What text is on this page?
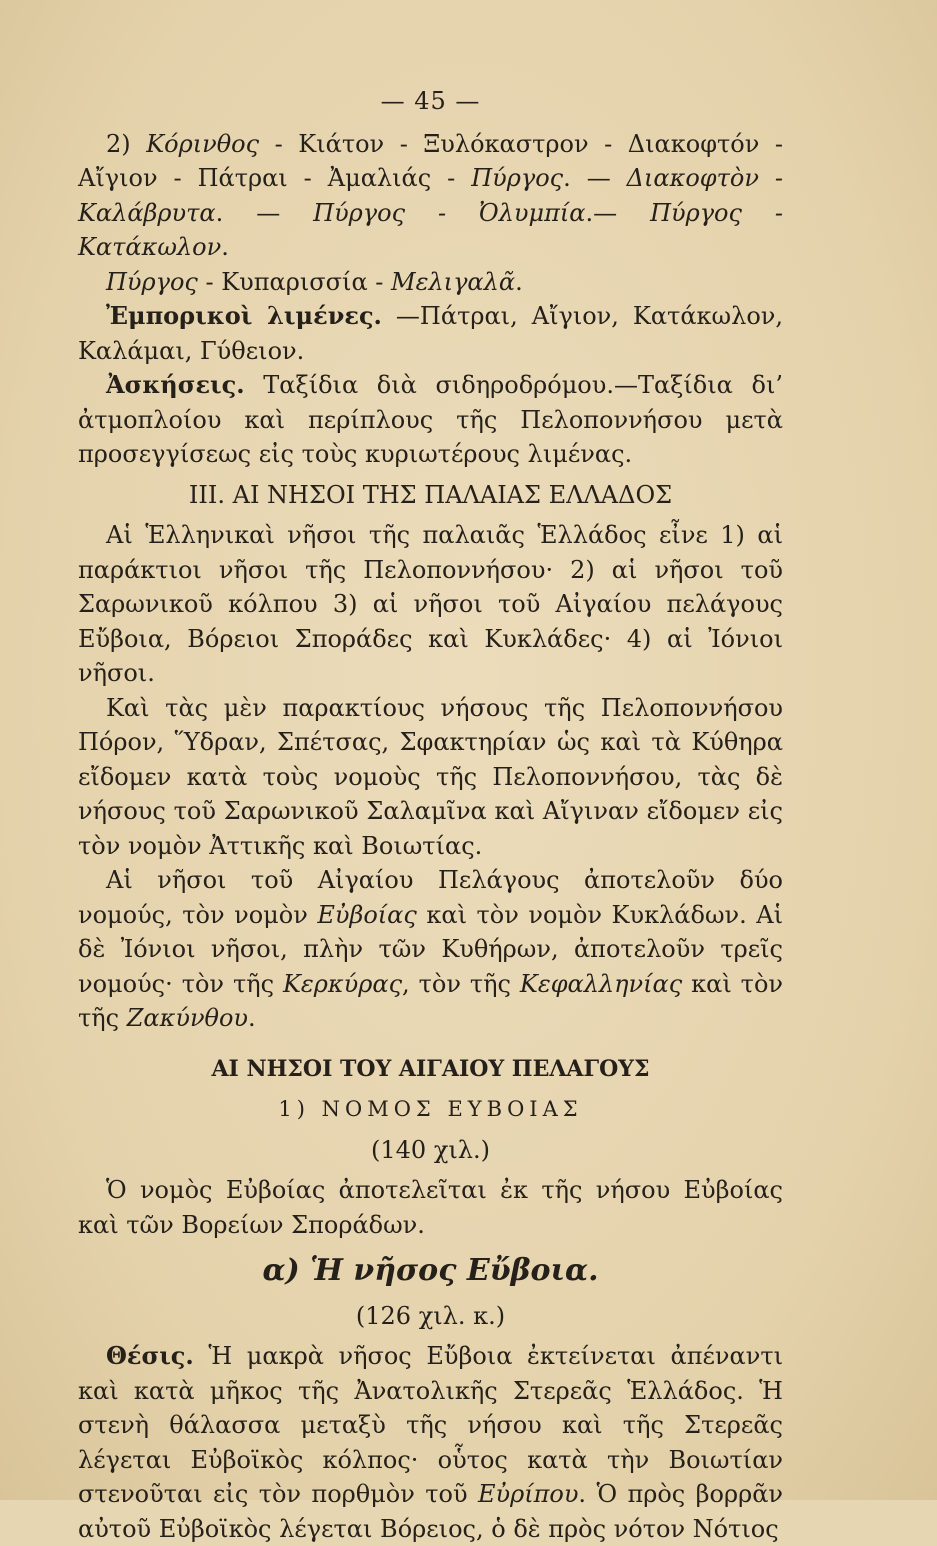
— 45 —

2) Κόρινθος - Κιάτον - Ξυλόκαστρον - Διακοφτόν - Αἴγιον - Πάτραι - Ἀμαλιάς - Πύργος. — Διακοφτὸν - Καλάβρυτα. — Πύργος - Ὀλυμπία.— Πύργος - Κατάκωλον.

Πύργος - Κυπαρισσία - Μελιγαλᾶ.

Ἐμπορικοὶ λιμένες. —Πάτραι, Αἴγιον, Κατάκωλον, Καλάμαι, Γύθειον.

Ἀσκήσεις. Ταξίδια διὰ σιδηροδρόμου.—Ταξίδια δι’ ἀτμοπλοίου καὶ περίπλους τῆς Πελοποννήσου μετὰ προσεγγίσεως εἰς τοὺς κυριωτέρους λιμένας.

III. ΑΙ ΝΗΣΟΙ ΤΗΣ ΠΑΛΑΙΑΣ ΕΛΛΑΔΟΣ

Αἱ Ἑλληνικαὶ νῆσοι τῆς παλαιᾶς Ἑλλάδος εἶνε 1) αἱ παράκτιοι νῆσοι τῆς Πελοποννήσου· 2) αἱ νῆσοι τοῦ Σαρωνικοῦ κόλπου 3) αἱ νῆσοι τοῦ Αἰγαίου πελάγους Εὔβοια, Βόρειοι Σποράδες καὶ Κυκλάδες· 4) αἱ Ἰόνιοι νῆσοι.

Καὶ τὰς μὲν παρακτίους νήσους τῆς Πελοποννήσου Πόρον, Ὕδραν, Σπέτσας, Σφακτηρίαν ὡς καὶ τὰ Κύθηρα εἴδομεν κατὰ τοὺς νομοὺς τῆς Πελοποννήσου, τὰς δὲ νήσους τοῦ Σαρωνικοῦ Σαλαμῖνα καὶ Αἴγιναν εἴδομεν εἰς τὸν νομὸν Ἀττικῆς καὶ Βοιωτίας.

Αἱ νῆσοι τοῦ Αἰγαίου Πελάγους ἀποτελοῦν δύο νομούς, τὸν νομὸν Εὐβοίας καὶ τὸν νομὸν Κυκλάδων. Αἱ δὲ Ἰόνιοι νῆσοι, πλὴν τῶν Κυθήρων, ἀποτελοῦν τρεῖς νομούς· τὸν τῆς Κερκύρας, τὸν τῆς Κεφαλληνίας καὶ τὸν τῆς Ζακύνθου.

ΑΙ ΝΗΣΟΙ ΤΟΥ ΑΙΓΑΙΟΥ ΠΕΛΑΓΟΥΣ
1) ΝΟΜΟΣ ΕΥΒΟΙΑΣ
(140 χιλ.)

Ὁ νομὸς Εὐβοίας ἀποτελεῖται ἐκ τῆς νήσου Εὐβοίας καὶ τῶν Βορείων Σποράδων.

α) Ἡ νῆσος Εὔβοια.
(126 χιλ. κ.)

Θέσις. Ἡ μακρὰ νῆσος Εὔβοια ἐκτείνεται ἀπέναντι καὶ κατὰ μῆκος τῆς Ἀνατολικῆς Στερεᾶς Ἑλλάδος. Ἡ στενὴ θάλασσα μεταξὺ τῆς νήσου καὶ τῆς Στερεᾶς λέγεται Εὐβοϊκὸς κόλπος· οὗτος κατὰ τὴν Βοιωτίαν στενοῦται εἰς τὸν πορθμὸν τοῦ Εὐρίπου. Ὁ πρὸς βορρᾶν αὐτοῦ Εὐβοϊκὸς λέγεται Βόρειος, ὁ δὲ πρὸς νότον Νότιος
